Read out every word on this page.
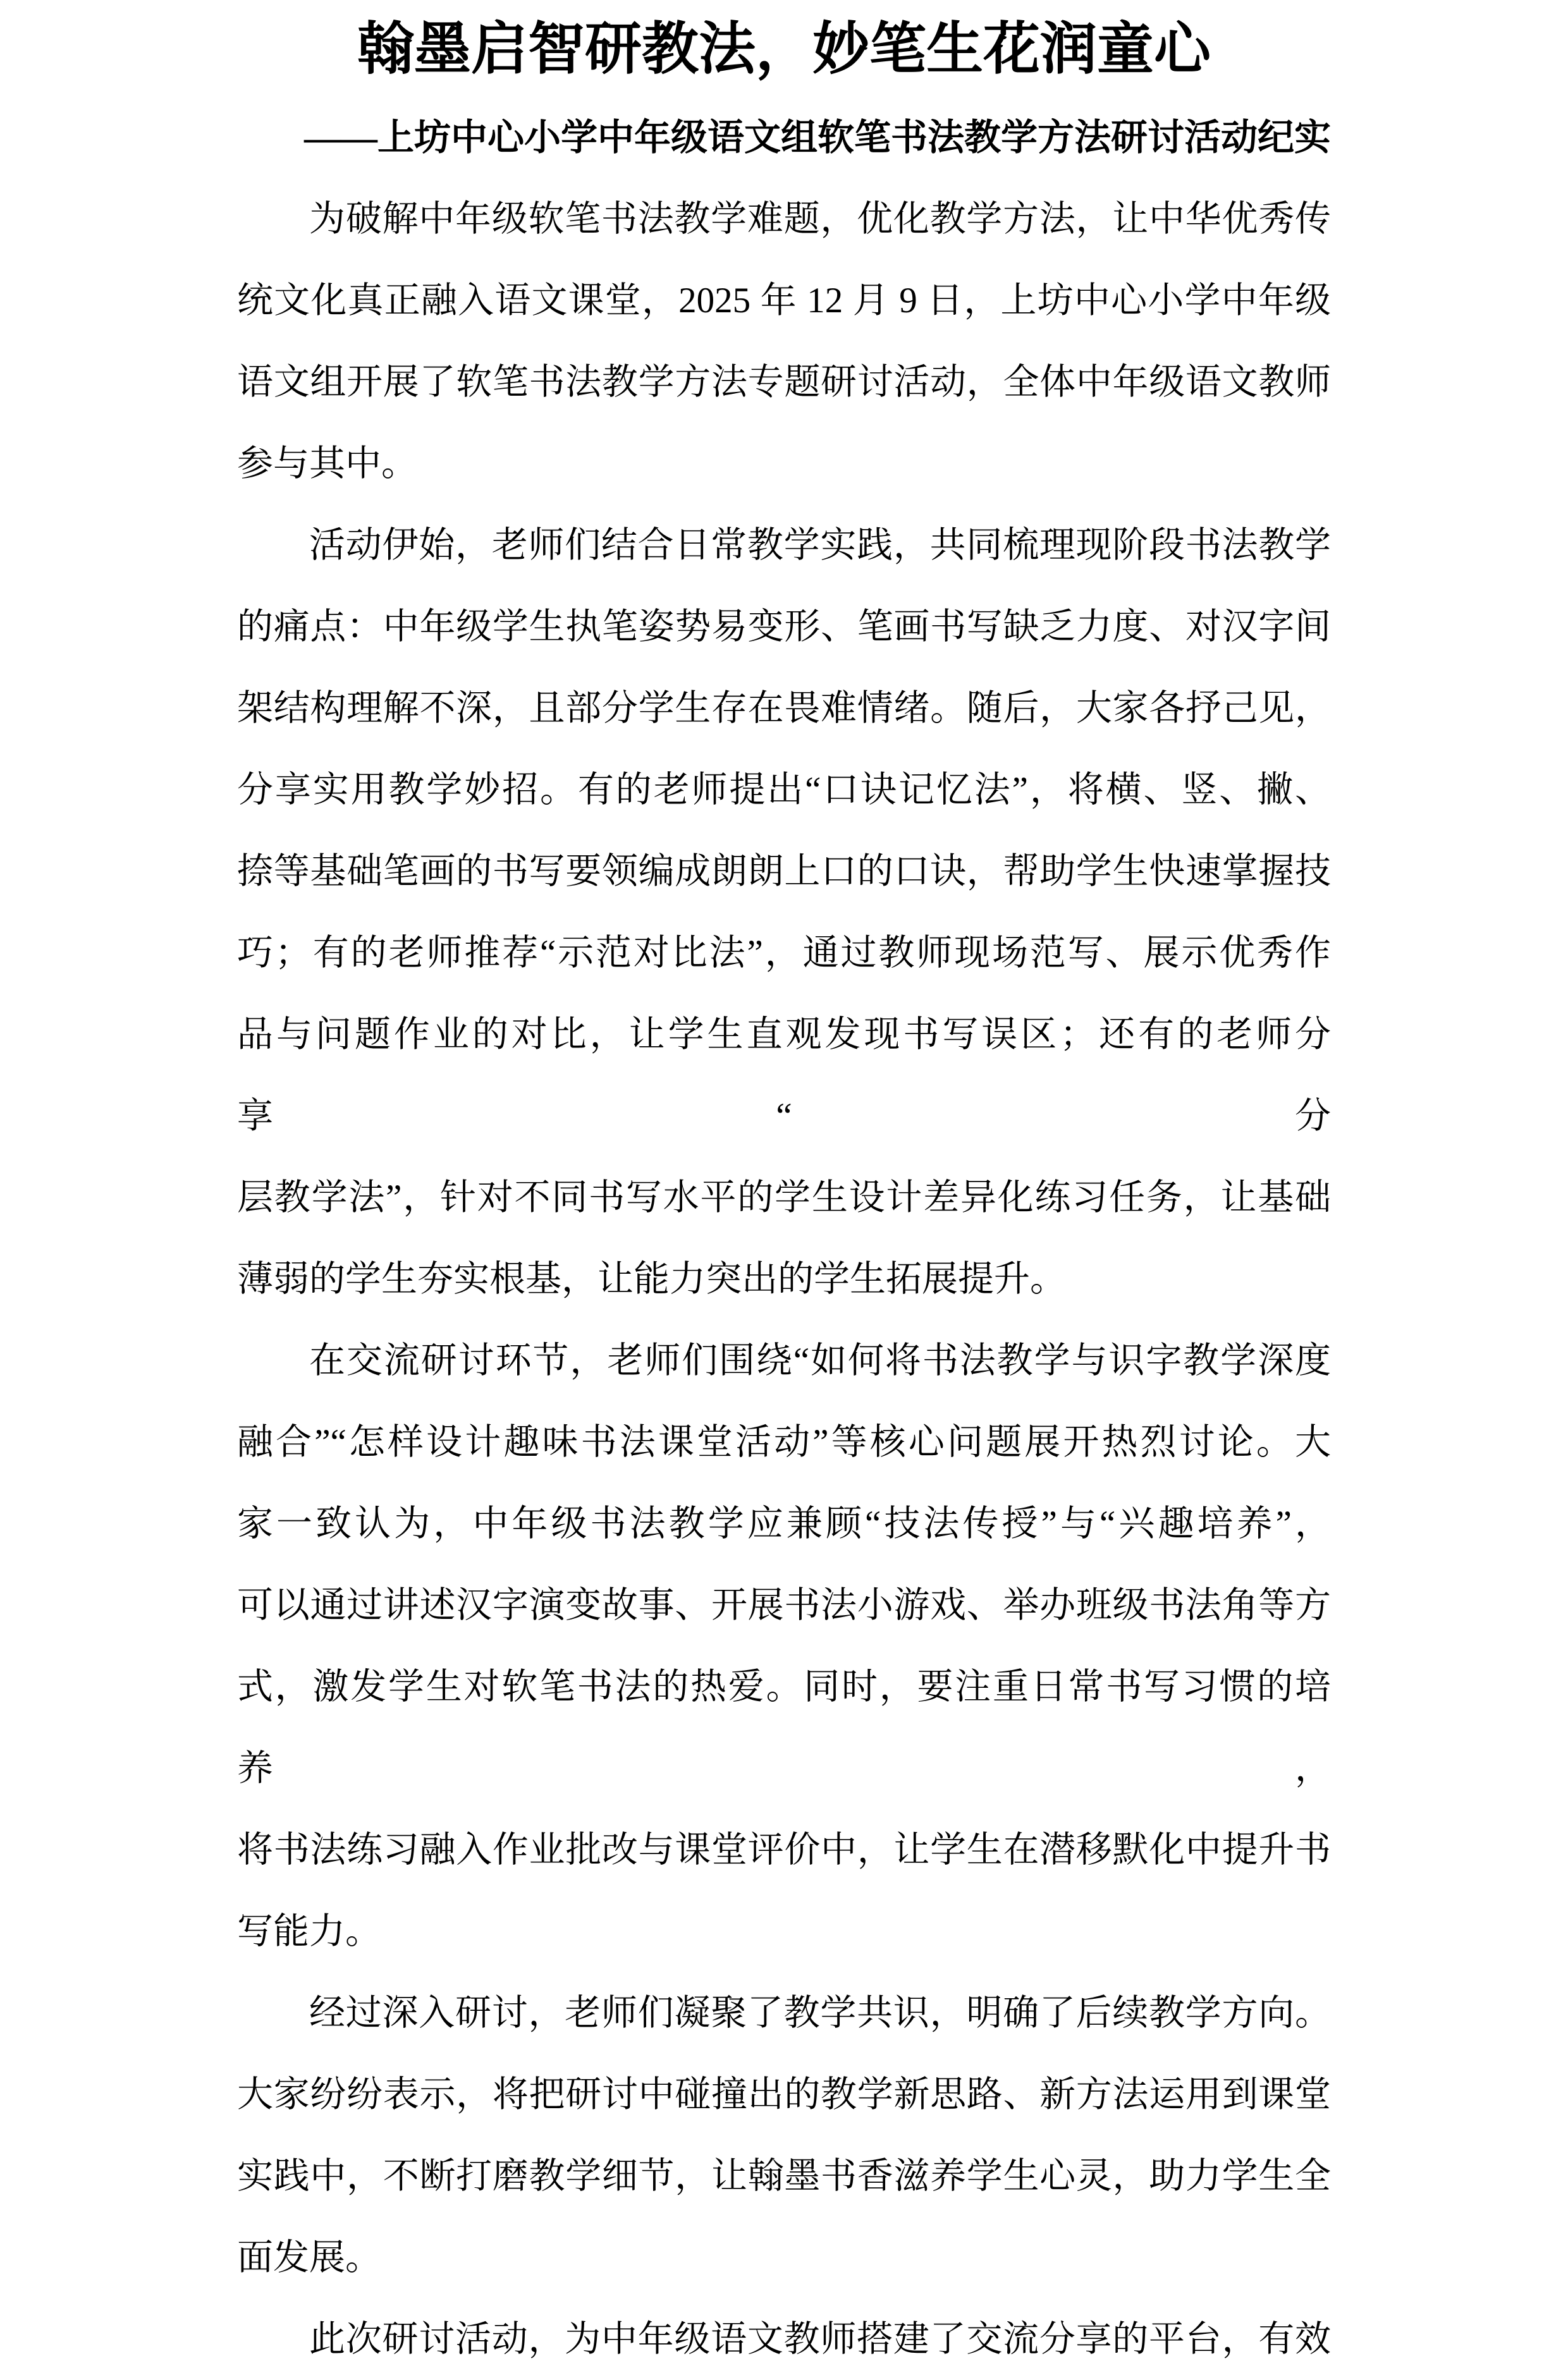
翰墨启智研教法，妙笔生花润童心
——上坊中心小学中年级语文组软笔书法教学方法研讨活动纪实

为破解中年级软笔书法教学难题，优化教学方法，让中华优秀传
统文化真正融入语文课堂，2025 年 12 月 9 日，上坊中心小学中年级
语文组开展了软笔书法教学方法专题研讨活动，全体中年级语文教师
参与其中。

活动伊始，老师们结合日常教学实践，共同梳理现阶段书法教学
的痛点：中年级学生执笔姿势易变形、笔画书写缺乏力度、对汉字间
架结构理解不深，且部分学生存在畏难情绪。随后，大家各抒己见，
分享实用教学妙招。有的老师提出“口诀记忆法”，将横、竖、撇、
捺等基础笔画的书写要领编成朗朗上口的口诀，帮助学生快速掌握技
巧；有的老师推荐“示范对比法”，通过教师现场范写、展示优秀作
品与问题作业的对比，让学生直观发现书写误区；还有的老师分享“分
层教学法”，针对不同书写水平的学生设计差异化练习任务，让基础
薄弱的学生夯实根基，让能力突出的学生拓展提升。

在交流研讨环节，老师们围绕“如何将书法教学与识字教学深度
融合”“怎样设计趣味书法课堂活动”等核心问题展开热烈讨论。大
家一致认为，中年级书法教学应兼顾“技法传授”与“兴趣培养”，
可以通过讲述汉字演变故事、开展书法小游戏、举办班级书法角等方
式，激发学生对软笔书法的热爱。同时，要注重日常书写习惯的培养，
将书法练习融入作业批改与课堂评价中，让学生在潜移默化中提升书
写能力。

经过深入研讨，老师们凝聚了教学共识，明确了后续教学方向。
大家纷纷表示，将把研讨中碰撞出的教学新思路、新方法运用到课堂
实践中，不断打磨教学细节，让翰墨书香滋养学生心灵，助力学生全
面发展。

此次研讨活动，为中年级语文教师搭建了交流分享的平台，有效
